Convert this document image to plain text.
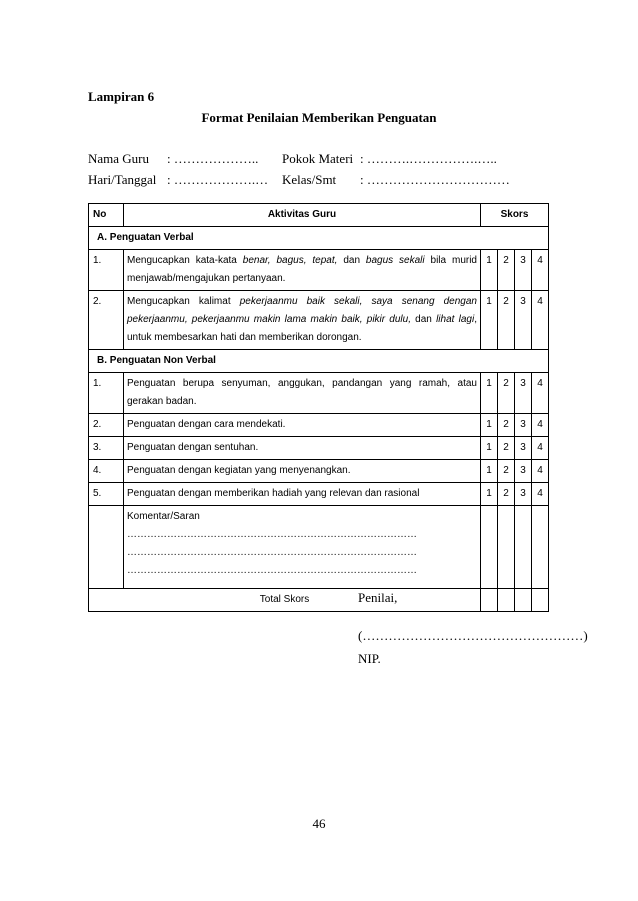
Lampiran 6
Format Penilaian Memberikan Penguatan
Nama Guru : ……………….. Pokok Materi : ……….…………….…..
Hari/Tanggal : ……………….… Kelas/Smt : ……………………………
No	Aktivitas Guru	Skors			
A. Penguatan Verbal					
1.	Mengucapkan kata-kata benar, bagus, tepat, dan bagus sekali bila murid menjawab/mengajukan pertanyaan.	1	2	3	4
2.	Mengucapkan kalimat pekerjaanmu baik sekali, saya senang dengan pekerjaanmu, pekerjaanmu makin lama makin baik, pikir dulu, dan lihat lagi, untuk membesarkan hati dan memberikan dorongan.	1	2	3	4
B. Penguatan Non Verbal					
1.	Penguatan berupa senyuman, anggukan, pandangan yang ramah, atau gerakan badan.	1	2	3	4
2.	Penguatan dengan cara mendekati.	1	2	3	4
3.	Penguatan dengan sentuhan.	1	2	3	4
4.	Penguatan dengan kegiatan yang menyenangkan.	1	2	3	4
5.	Penguatan dengan memberikan hadiah yang relevan dan rasional	1	2	3	4

	Komentar/Saran
……………………………………………………………………………
……………………………………………………………………………
……………………………………………………………………………				

Total Skors						Penilai,
(……………………………………………)
NIP.
46
